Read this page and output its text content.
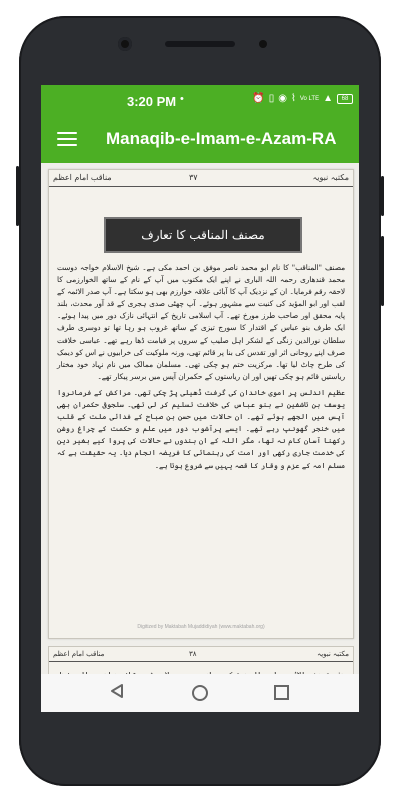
3:20 PM •	⏰ ▯ ◉ ⌇ Vo LTE ▲	68
Manaqib-e-Imam-e-Azam-RA
مناقب امام اعظم	۳۷	مکتبہ نبویہ
مصنف المناقب کا تعارف

مصنف "المناقب" کا نام ابو محمد ناصر موفق بن احمد مکی ہے۔ شیخ الاسلام خواجہ دوست محمد قندھاری رحمہ اللہ الباری نے اپنے ایک مکتوب میں آپ کے نام کے ساتھ الخوارزمی کا لاحقہ رقم فرمایا۔ ان کے نزدیک آپ کا آبائی علاقہ خوارزم بھی ہو سکتا ہے۔ آپ صدر الائمہ کے لقب اور ابو المؤید کی کنیت سے مشہور ہوئے۔ آپ چھٹی صدی ہجری کے قد آور محدث، بلند پایہ محقق اور صاحب طرز مورخ تھے۔ آپ اسلامی تاریخ کے انتہائی نازک دور میں پیدا ہوئے۔ ایک طرف بنو عباس کے اقتدار کا سورج تیزی کے ساتھ غروب ہو رہا تھا تو دوسری طرف سلطان نورالدین زنگی کے لشکر اہل صلیب کے سروں پر قیامت ڈھا رہے تھے۔ عباسی خلافت صرف اپنے روحانی اثر اور تقدس کی بنا پر قائم تھی، ورنہ ملوکیت کی خرابیوں نے اس کو دیمک کی طرح چاٹ لیا تھا۔ مرکزیت ختم ہو چکی تھی۔ مسلمان ممالک میں نام نہاد خود مختار ریاستیں قائم ہو چکی تھیں اور ان ریاستوں کے حکمران آپس میں برسر پیکار تھے۔

عظیم اندلس پر اموی خاندان کی گرفت ڈھیلی پڑ چکی تھی۔ مراکش کے فرمانروا یوسف بن تاشفین نے بنو عباس کی خلافت تسلیم کر لی تھی۔ سلجوقی حکمران بھی آپس میں الجھے ہوئے تھے۔ ان حالات میں حسن بن صباح کے فدائی ملت کے قلب میں خنجر گھونپ رہے تھے۔ ایسے پرآشوب دور میں علم و حکمت کے چراغ روشن رکھنا آسان کام نہ تھا، مگر اللہ کے ان بندوں نے حالات کی پروا کیے بغیر دین کی خدمت جاری رکھی اور امت کی رہنمائی کا فریضہ انجام دیا۔ یہ حقیقت ہے کہ مسلم امہ کے عزم و وقار کا قصہ یہیں سے شروع ہوتا ہے۔

Digitized by Maktabah Mujaddidiyah (www.maktabah.org)
مناقب امام اعظم	۳۸	مکتبہ نبویہ
